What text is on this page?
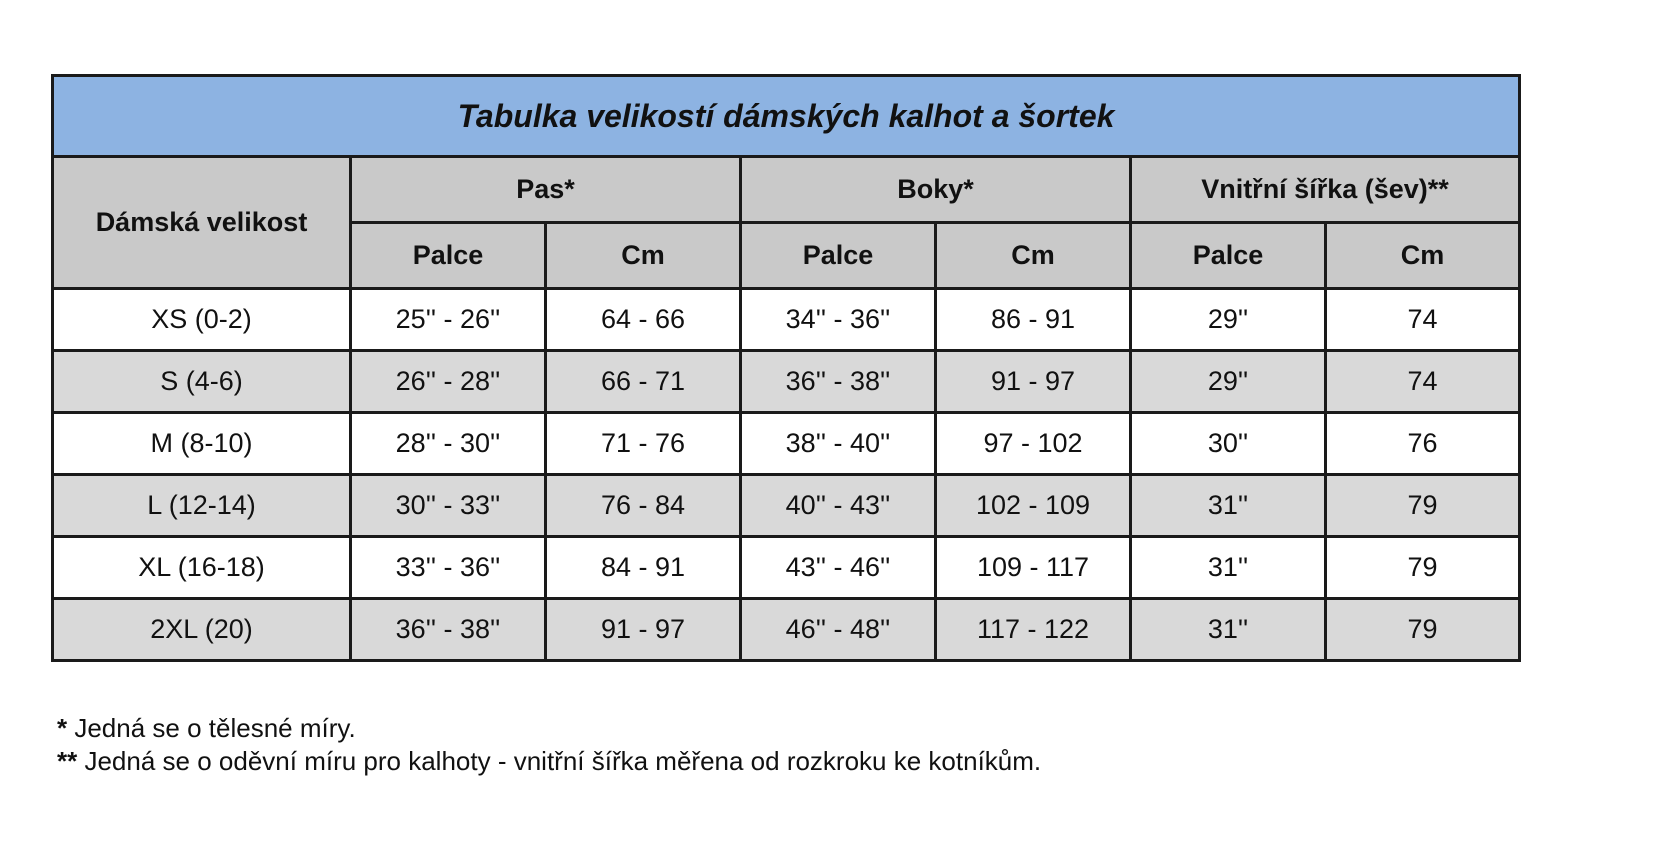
Tabulka velikostí dámských kalhot a šortek						
Dámská velikost	Pas*		Boky*		Vnitřní šířka (šev)**	
	Palce	Cm	Palce	Cm	Palce	Cm
XS (0-2)	25'' - 26''	64 - 66	34'' - 36''	86 - 91	29''	74
S (4-6)	26'' - 28''	66 - 71	36'' - 38''	91 - 97	29''	74
M (8-10)	28'' - 30''	71 - 76	38'' - 40''	97 - 102	30''	76
L (12-14)	30'' - 33''	76 - 84	40'' - 43''	102 - 109	31''	79
XL (16-18)	33'' - 36''	84 - 91	43'' - 46''	109 - 117	31''	79
2XL (20)	36'' - 38''	91 - 97	46'' - 48''	117 - 122	31''	79
* Jedná se o tělesné míry.
** Jedná se o oděvní míru pro kalhoty - vnitřní šířka měřena od rozkroku ke kotníkům.
